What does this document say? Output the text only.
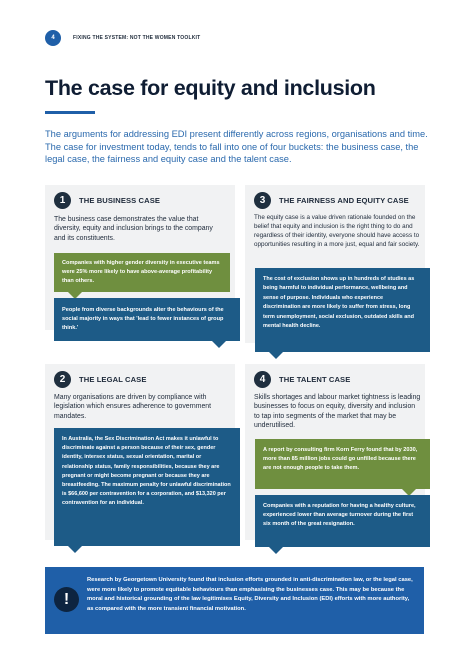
4	FIXING THE SYSTEM: NOT THE WOMEN TOOLKIT
The case for equity and inclusion

The arguments for addressing EDI present differently across regions, organisations and time. The case for investment today, tends to fall into one of four buckets: the business case, the legal case, the fairness and equity case and the talent case.

1	THE BUSINESS CASE

The business case demonstrates the value that diversity, equity and inclusion brings to the company and its constituents.

Companies with higher gender diversity in executive teams were 25% more likely to have above-average profitability than others.
People from diverse backgrounds alter the behaviours of the social majority in ways that 'lead to fewer instances of group think.'
3	THE FAIRNESS AND EQUITY CASE

The equity case is a value driven rationale founded on the belief that equity and inclusion is the right thing to do and regardless of their identity, everyone should have access to opportunities resulting in a more just, equal and fair society.

The cost of exclusion shows up in hundreds of studies as being harmful to individual performance, wellbeing and sense of purpose. Individuals who experience discrimination are more likely to suffer from stress, long term unemployment, social exclusion, outdated skills and mental health decline.
2	THE LEGAL CASE

Many organisations are driven by compliance with legislation which ensures adherence to government mandates.

In Australia, the Sex Discrimination Act makes it unlawful to discriminate against a person because of their sex, gender identity, intersex status, sexual orientation, marital or relationship status, family responsibilities, because they are pregnant or might become pregnant or because they are breastfeeding. The maximum penalty for unlawful discrimination is $66,600 per contravention for a corporation, and $13,320 per contravention for an individual.
4	THE TALENT CASE

Skills shortages and labour market tightness is leading businesses to focus on equity, diversity and inclusion to tap into segments of the market that may be underutilised.

A report by consulting firm Korn Ferry found that by 2030, more than 85 million jobs could go unfilled because there are not enough people to take them.
Companies with a reputation for having a healthy culture, experienced lower than average turnover during the first six month of the great resignation.
!

Research by Georgetown University found that inclusion efforts grounded in anti-discrimination law, or the legal case, were more likely to promote equitable behaviours than emphasising the businesses case. This may be because the moral and historical grounding of the law legitimises Equity, Diversity and Inclusion (EDI) efforts with more authority, as compared with the more transient financial motivation.
